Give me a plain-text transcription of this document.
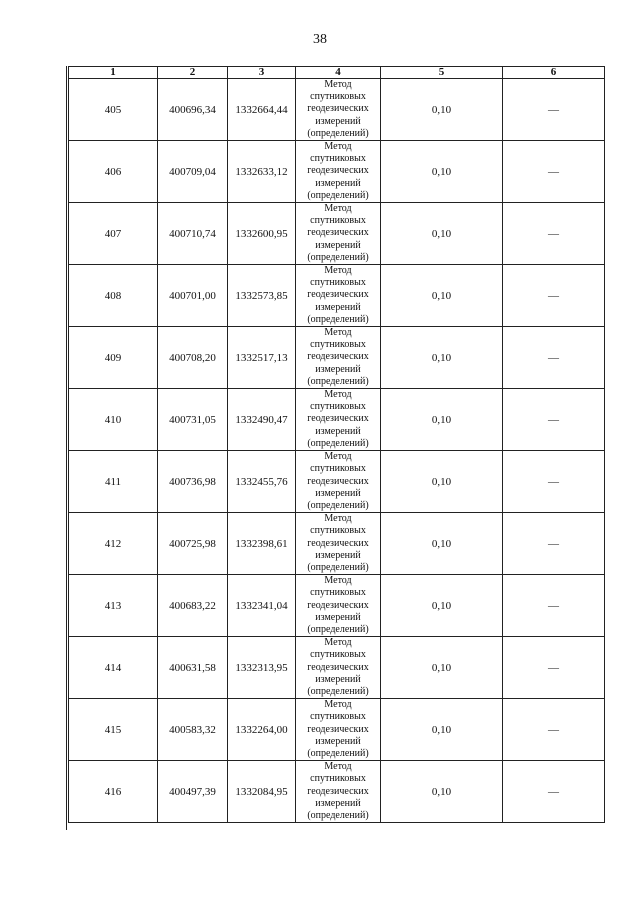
38
1	2	3	4	5	6
405	400696,34	1332664,44	Метод
спутниковых
геодезических
измерений
(определений)	0,10	—
406	400709,04	1332633,12	Метод
спутниковых
геодезических
измерений
(определений)	0,10	—
407	400710,74	1332600,95	Метод
спутниковых
геодезических
измерений
(определений)	0,10	—
408	400701,00	1332573,85	Метод
спутниковых
геодезических
измерений
(определений)	0,10	—
409	400708,20	1332517,13	Метод
спутниковых
геодезических
измерений
(определений)	0,10	—
410	400731,05	1332490,47	Метод
спутниковых
геодезических
измерений
(определений)	0,10	—
411	400736,98	1332455,76	Метод
спутниковых
геодезических
измерений
(определений)	0,10	—
412	400725,98	1332398,61	Метод
спутниковых
геодезических
измерений
(определений)	0,10	—
413	400683,22	1332341,04	Метод
спутниковых
геодезических
измерений
(определений)	0,10	—
414	400631,58	1332313,95	Метод
спутниковых
геодезических
измерений
(определений)	0,10	—
415	400583,32	1332264,00	Метод
спутниковых
геодезических
измерений
(определений)	0,10	—
416	400497,39	1332084,95	Метод
спутниковых
геодезических
измерений
(определений)	0,10	—
